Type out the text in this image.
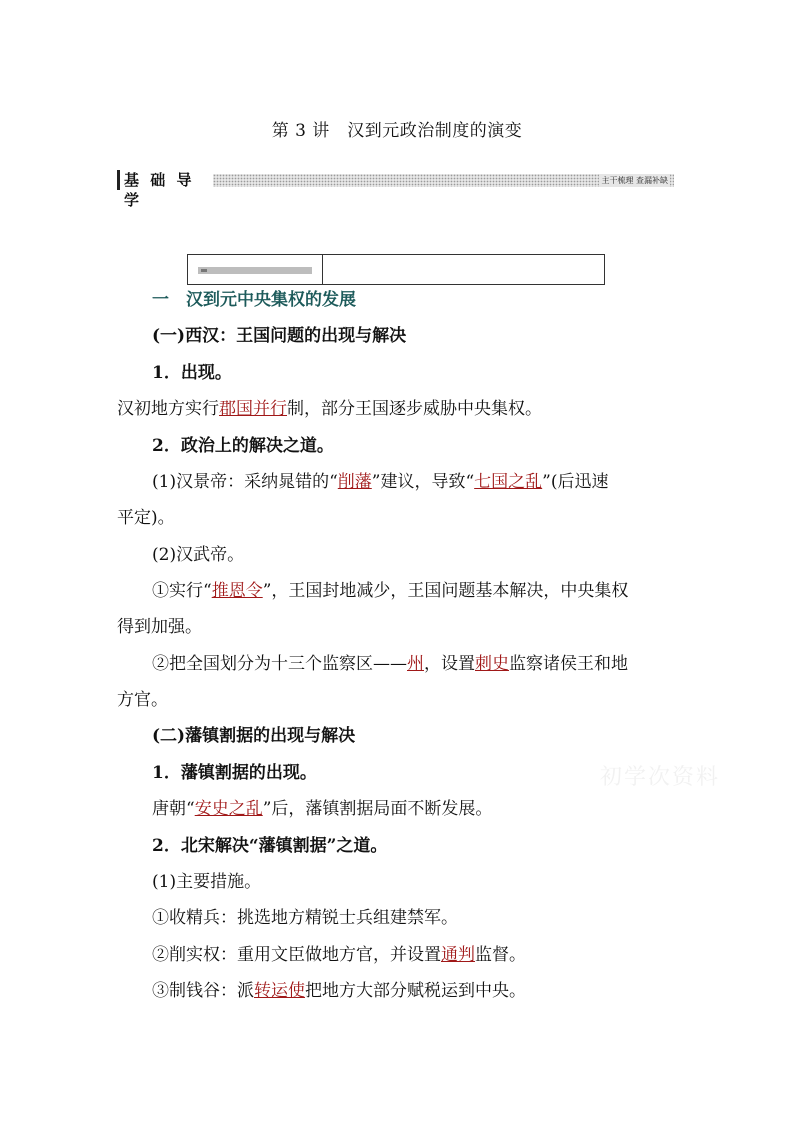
第 3 讲　汉到元政治制度的演变
基 础 导 学
主干梳理 查漏补缺
初学次资料
一　汉到元中央集权的发展
(一)西汉：王国问题的出现与解决
1．出现。
汉初地方实行郡国并行制，部分王国逐步威胁中央集权。
2．政治上的解决之道。
(1)汉景帝：采纳晁错的“削藩”建议，导致“七国之乱”(后迅速
平定)。
(2)汉武帝。
①实行“推恩令”，王国封地减少，王国问题基本解决，中央集权
得到加强。
②把全国划分为十三个监察区——州，设置刺史监察诸侯王和地
方官。
(二)藩镇割据的出现与解决
1．藩镇割据的出现。
唐朝“安史之乱”后，藩镇割据局面不断发展。
2．北宋解决“藩镇割据”之道。
(1)主要措施。
①收精兵：挑选地方精锐士兵组建禁军。
②削实权：重用文臣做地方官，并设置通判监督。
③制钱谷：派转运使把地方大部分赋税运到中央。
